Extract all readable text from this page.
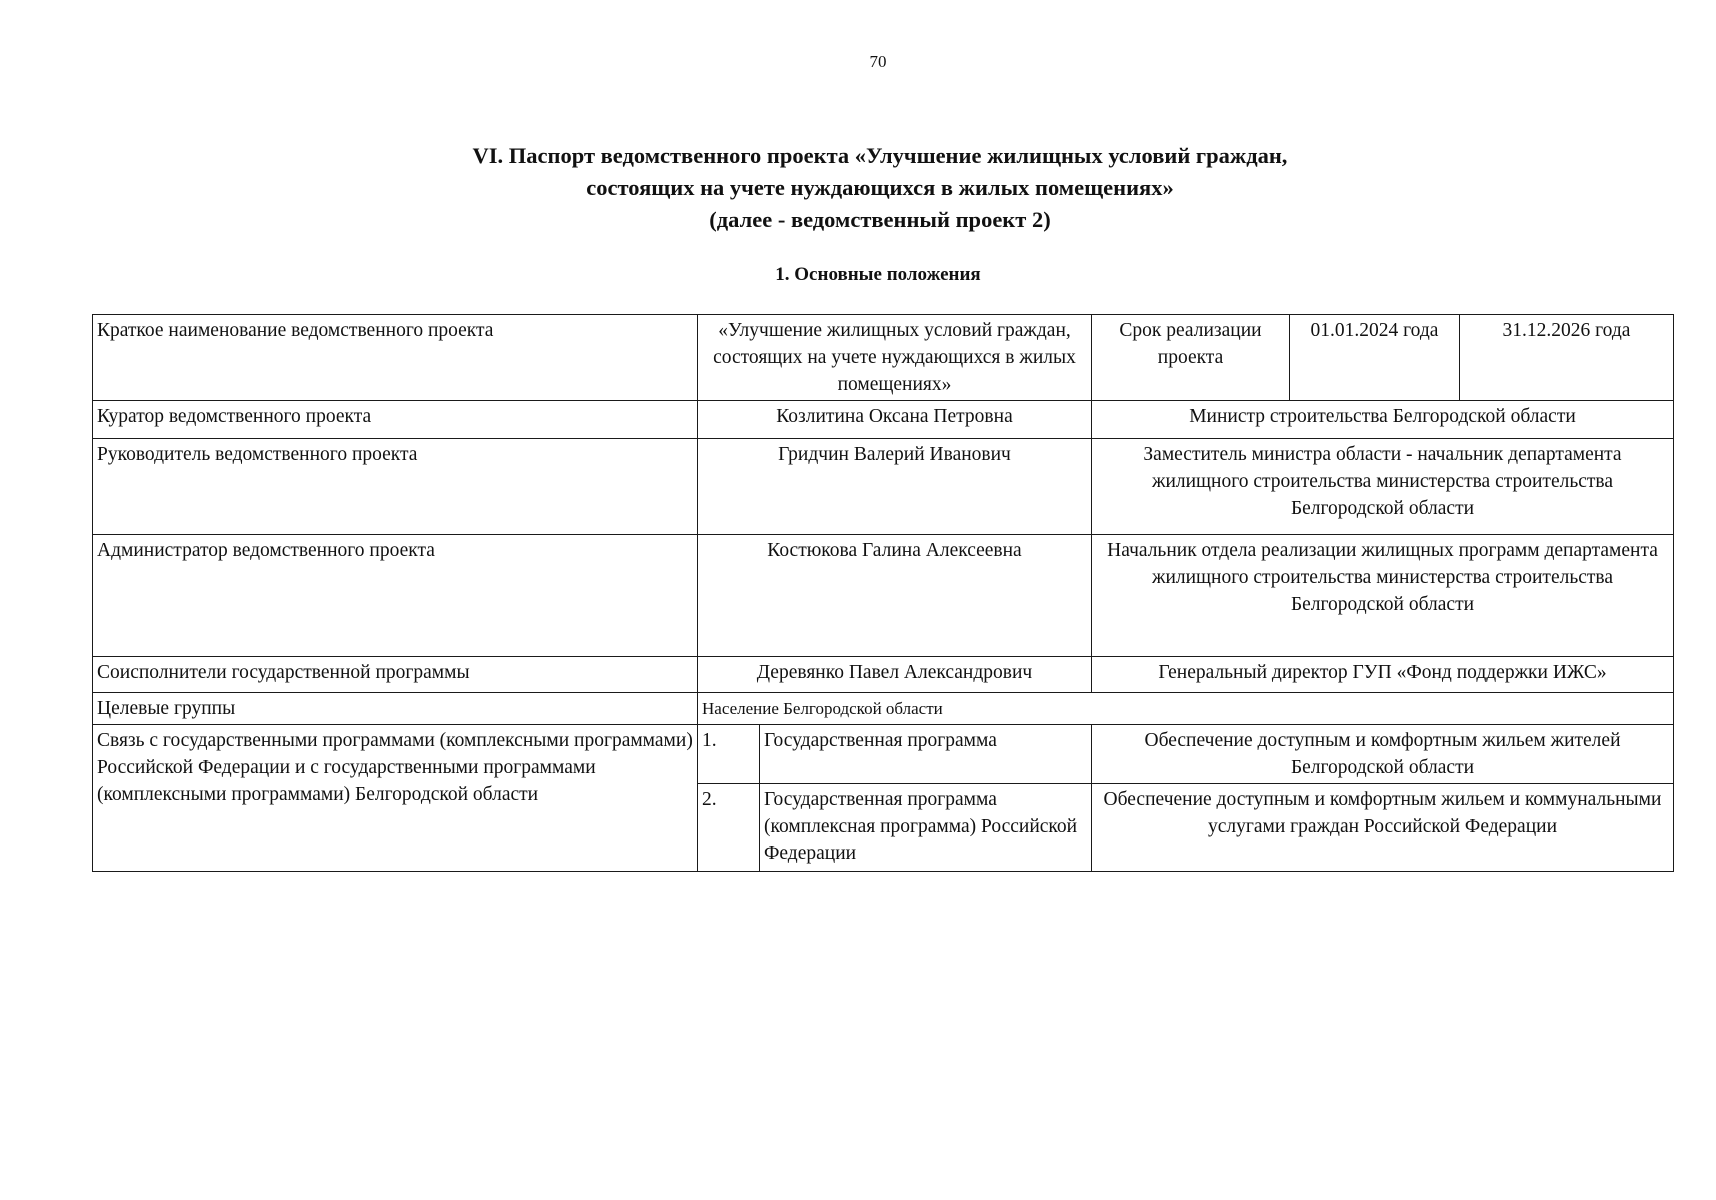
70
VI. Паспорт ведомственного проекта «Улучшение жилищных условий граждан,
состоящих на учете нуждающихся в жилых помещениях»
(далее - ведомственный проект 2)
1. Основные положения
Краткое наименование ведомственного проекта	«Улучшение жилищных условий граждан, состоящих на учете нуждающихся в жилых помещениях»		Срок реализации проекта	01.01.2024 года	31.12.2026 года
Куратор ведомственного проекта	Козлитина Оксана Петровна		Министр строительства Белгородской области		
Руководитель ведомственного проекта	Гридчин Валерий Иванович		Заместитель министра области - начальник департамента жилищного строительства министерства строительства Белгородской области		
Администратор ведомственного проекта	Костюкова Галина Алексеевна		Начальник отдела реализации жилищных программ департамента жилищного строительства министерства строительства Белгородской области		
Соисполнители государственной программы	Деревянко Павел Александрович		Генеральный директор ГУП «Фонд поддержки ИЖС»		
Целевые группы	Население Белгородской области				
Связь с государственными программами (комплексными программами) Российской Федерации и с государственными программами (комплексными программами) Белгородской области	1.	Государственная программа	Обеспечение доступным и комфортным жильем жителей Белгородской области		
	2.	Государственная программа (комплексная программа) Российской Федерации	Обеспечение доступным и комфортным жильем и коммунальными услугами граждан Российской Федерации		
